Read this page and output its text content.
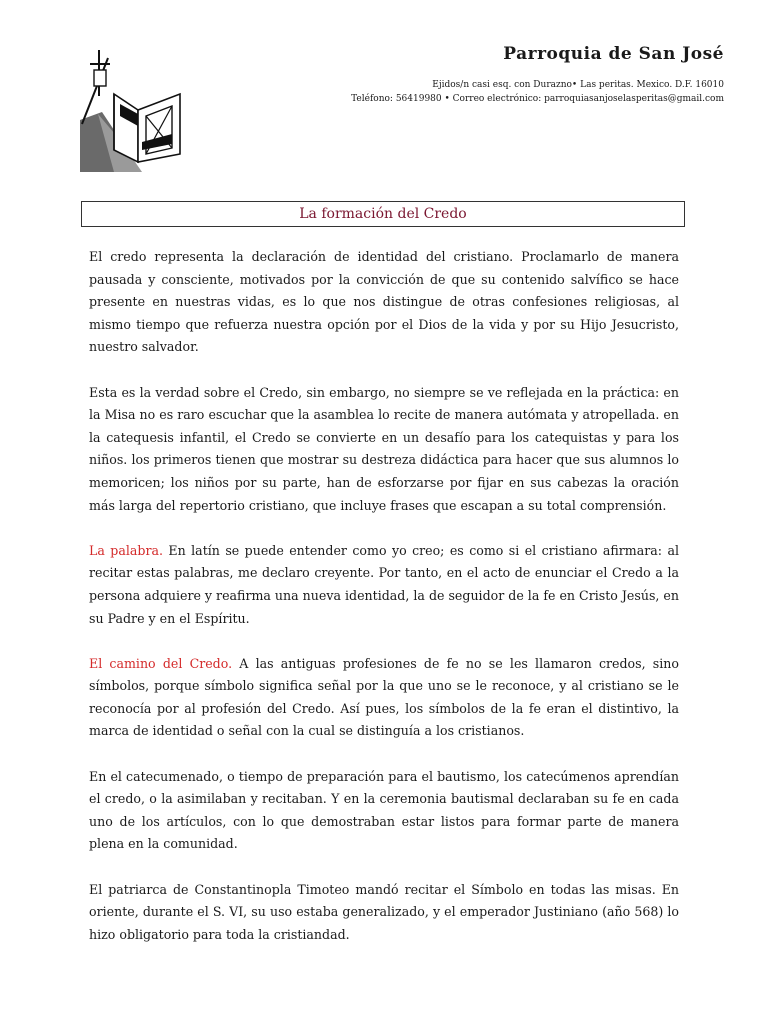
Parroquia de San José

Ejidos/n casi esq. con Durazno• Las peritas. Mexico. D.F. 16010

Teléfono: 56419980 • Correo electrónico: parroquiasanjoselasperitas@gmail.com

La formación del Credo

El credo representa la declaración de identidad del cristiano. Proclamarlo de manera pausada y consciente, motivados por la convicción de que su contenido salvífico se hace presente en nuestras vidas, es lo que nos distingue de otras confesiones religiosas, al mismo tiempo que refuerza nuestra opción por el Dios de la vida y por su Hijo Jesucristo, nuestro salvador.

Esta es la verdad sobre el Credo, sin embargo, no siempre se ve reflejada en la práctica: en la Misa no es raro escuchar que la asamblea lo recite de manera autómata y atropellada. en la catequesis infantil, el Credo se convierte en un desafío para los catequistas y para los niños. los primeros tienen que mostrar su destreza didáctica para hacer que sus alumnos lo memoricen; los niños por su parte, han de esforzarse por fijar en sus cabezas la oración más larga del repertorio cristiano, que incluye frases que escapan a su total comprensión.

La palabra. En latín se puede entender como yo creo; es como si el cristiano afirmara: al recitar estas palabras, me declaro creyente. Por tanto, en el acto de enunciar el Credo a la persona adquiere y reafirma una nueva identidad, la de seguidor de la fe en Cristo Jesús, en su Padre y en el Espíritu.

El camino del Credo. A las antiguas profesiones de fe no se les llamaron credos, sino símbolos, porque símbolo significa señal por la que uno se le reconoce, y al cristiano se le reconocía por al profesión del Credo. Así pues, los símbolos de la fe eran el distintivo, la marca de identidad o señal con la cual se distinguía a los cristianos.

En el catecumenado, o tiempo de preparación para el bautismo, los catecúmenos aprendían el credo, o la asimilaban y recitaban. Y en la ceremonia bautismal declaraban su fe en cada uno de los artículos, con lo que demostraban estar listos para formar parte de manera plena en la comunidad.

El patriarca de Constantinopla Timoteo mandó recitar el Símbolo en todas las misas. En oriente, durante el S. VI, su uso estaba generalizado, y el emperador Justiniano (año 568) lo hizo obligatorio para toda la cristiandad.
